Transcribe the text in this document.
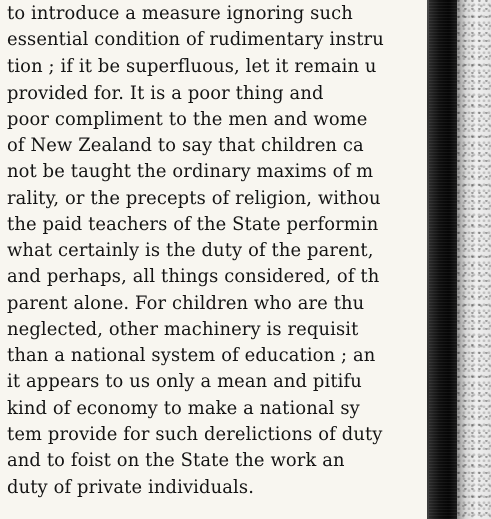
to introduce a measure ignoring such
essential condition of rudimentary instru
tion ; if it be superfluous, let it remain u
provided for. It is a poor thing and
poor compliment to the men and wome
of New Zealand to say that children ca
not be taught the ordinary maxims of m
rality, or the precepts of religion, withou
the paid teachers of the State performin
what certainly is the duty of the parent,
and perhaps, all things considered, of th
parent alone. For children who are thu
neglected, other machinery is requisit
than a national system of education ; an
it appears to us only a mean and pitifu
kind of economy to make a national sy
tem provide for such derelictions of duty
and to foist on the State the work an
duty of private individuals.
